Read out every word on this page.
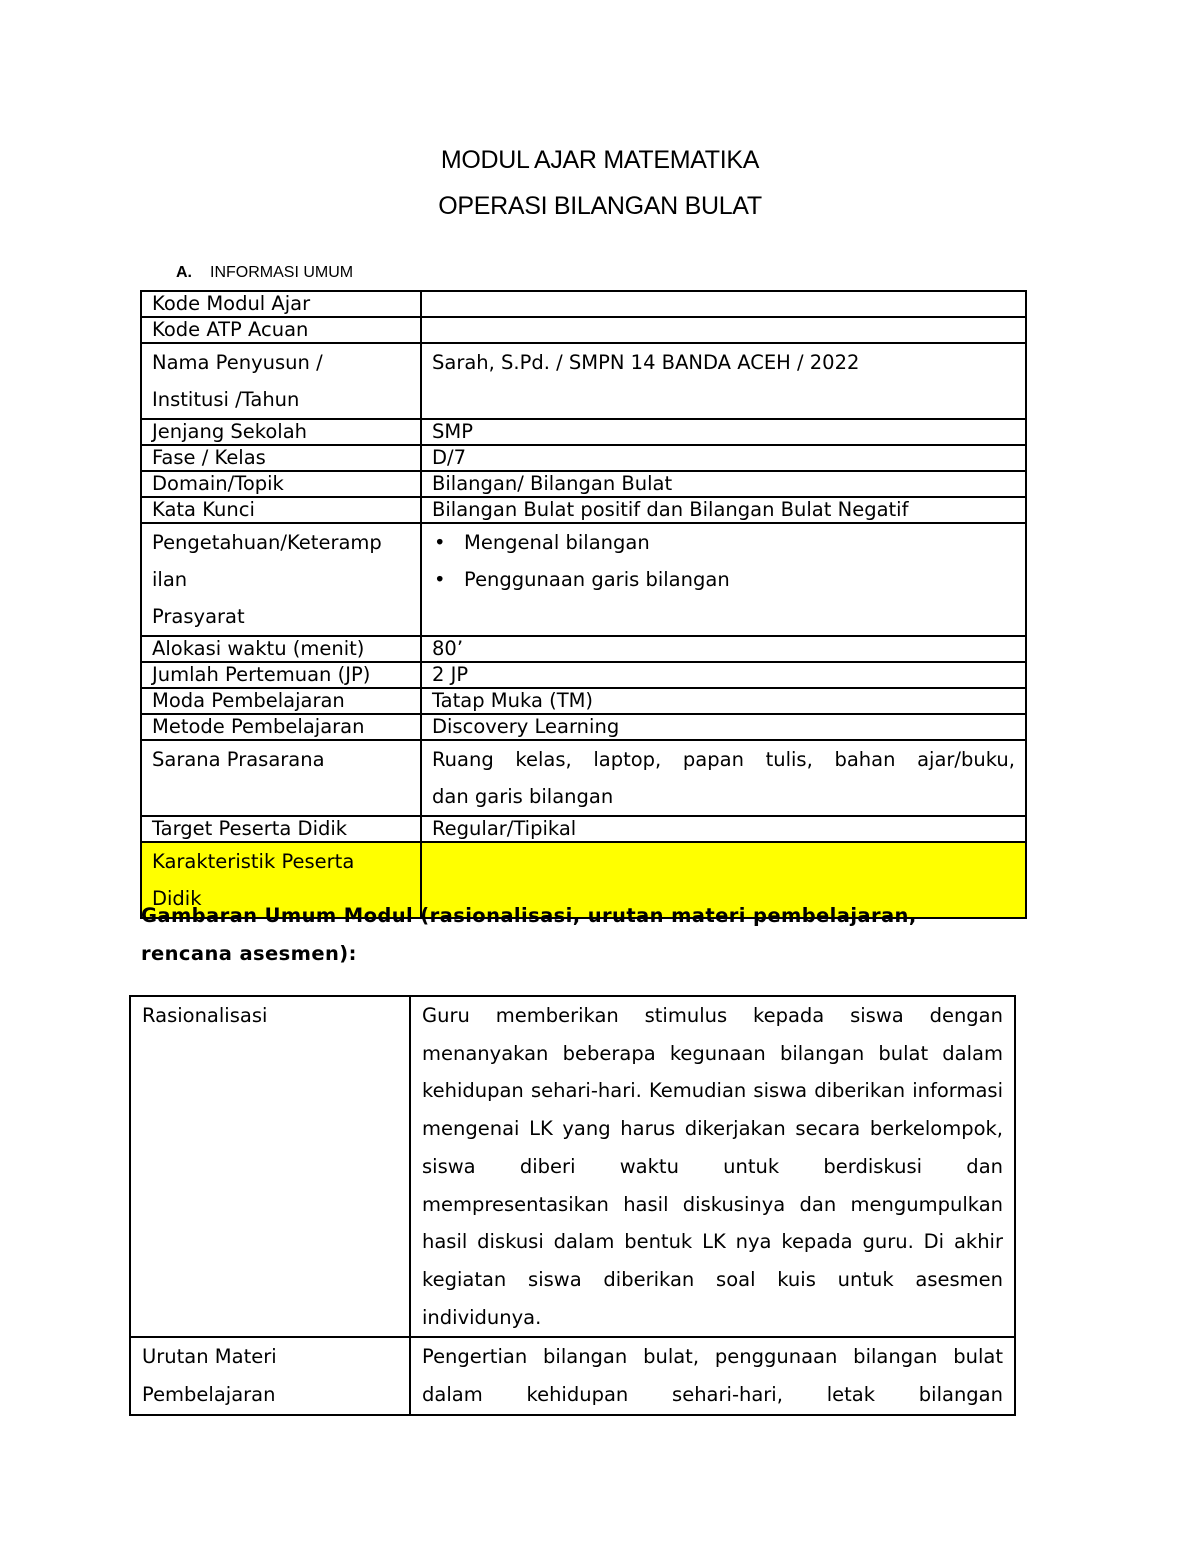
MODUL AJAR MATEMATIKA
OPERASI BILANGAN BULAT
A. INFORMASI UMUM
Kode Modul Ajar	
Kode ATP Acuan	
Nama Penyusun /
Institusi /Tahun	Sarah, S.Pd. / SMPN 14 BANDA ACEH / 2022
Jenjang Sekolah	SMP
Fase / Kelas	D/7
Domain/Topik	Bilangan/ Bilangan Bulat
Kata Kunci	Bilangan Bulat positif dan Bilangan Bulat Negatif
Pengetahuan/Keteramp
ilan
Prasyarat	• Mengenal bilangan
• Penggunaan garis bilangan

Alokasi waktu (menit)	80’
Jumlah Pertemuan (JP)	2 JP
Moda Pembelajaran	Tatap Muka (TM)
Metode Pembelajaran	Discovery Learning
Sarana Prasarana	Ruang kelas, laptop, papan tulis, bahan ajar/buku,
dan garis bilangan

Target Peserta Didik	Regular/Tipikal
Karakteristik Peserta
Didik	
Gambaran Umum Modul (rasionalisasi, urutan materi pembelajaran, rencana asesmen):
Rasionalisasi	Guru memberikan stimulus kepada siswa dengan menanyakan beberapa kegunaan bilangan bulat dalam kehidupan sehari-hari. Kemudian siswa diberikan informasi mengenai LK yang harus dikerjakan secara berkelompok, siswa diberi waktu untuk berdiskusi dan mempresentasikan hasil diskusinya dan mengumpulkan hasil diskusi dalam bentuk LK nya kepada guru. Di akhir kegiatan siswa diberikan soal kuis untuk asesmen individunya.
Urutan Materi
Pembelajaran	Pengertian bilangan bulat, penggunaan bilangan bulat dalam kehidupan sehari-hari, letak bilangan
